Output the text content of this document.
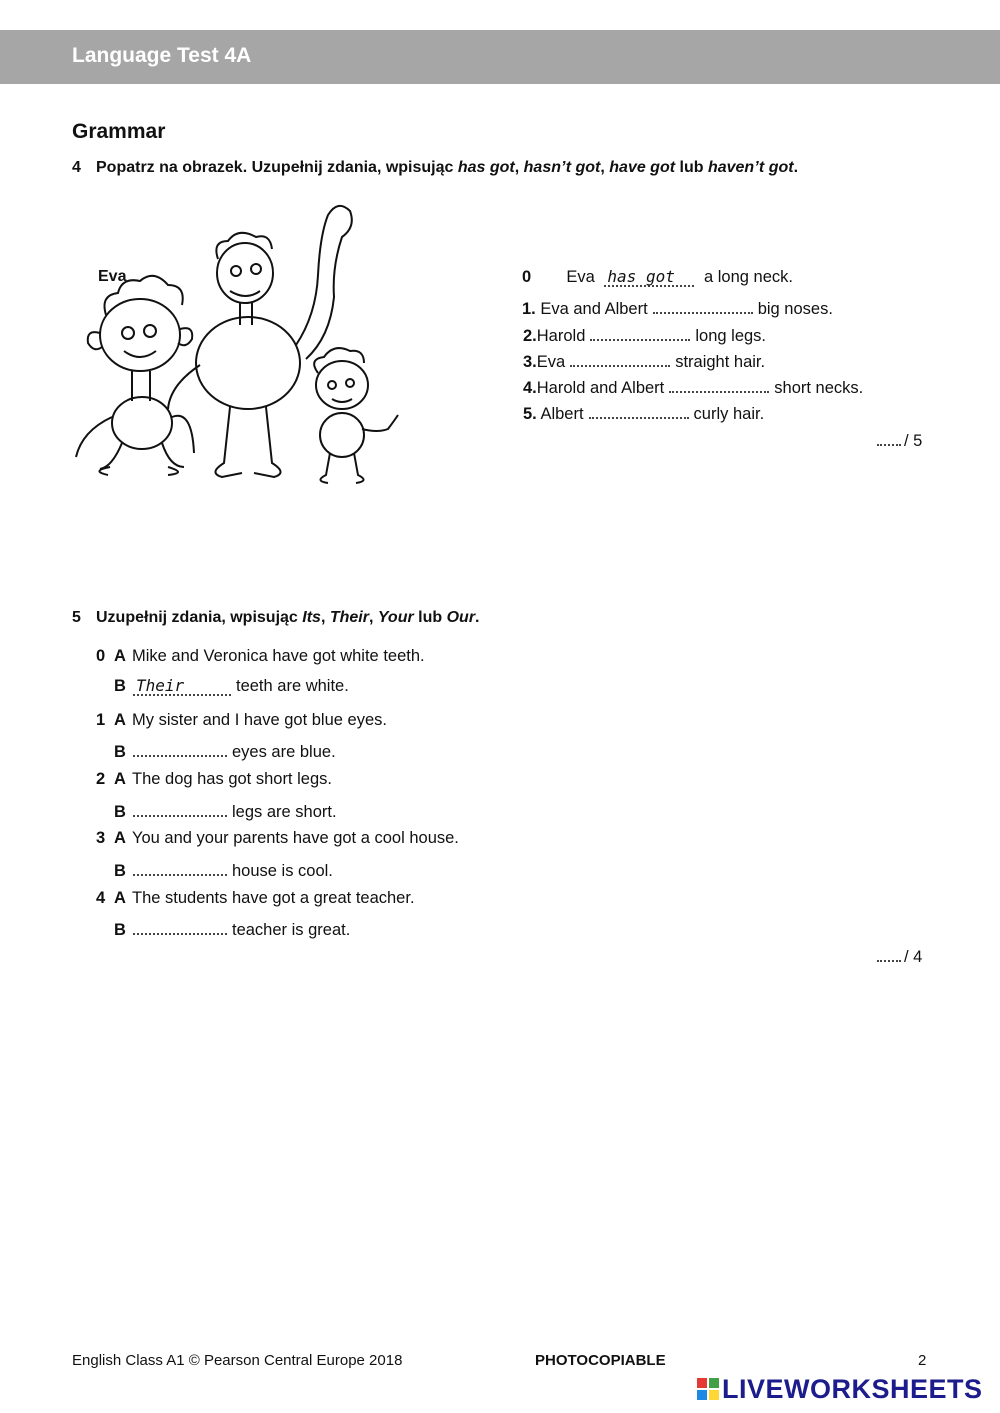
Language Test 4A
Grammar
4 Popatrz na obrazek. Uzupełnij zdania, wpisując has got, hasn’t got, have got lub haven’t got.
Eva	0 Eva has got a long neck.
1. Eva and Albert	big noses.
2.Harold	long legs.
3.Eva	straight hair.
4.Harold and Albert	short necks.
5. Albert	curly hair.
/ 5
5 Uzupełnij zdania, wpisując Its, Their, Your lub Our.
0 A Mike and Veronica have got white teeth.
B Their	teeth are white.
1 A My sister and I have got blue eyes.
B	eyes are blue.
2 A The dog has got short legs.
B	legs are short.
3 A You and your parents have got a cool house.
B	house is cool.
4 A The students have got a great teacher.
B	teacher is great.
/ 4
English Class A1 © Pearson Central Europe 2018	PHOTOCOPIABLE	2
LIVEWORKSHEETS
